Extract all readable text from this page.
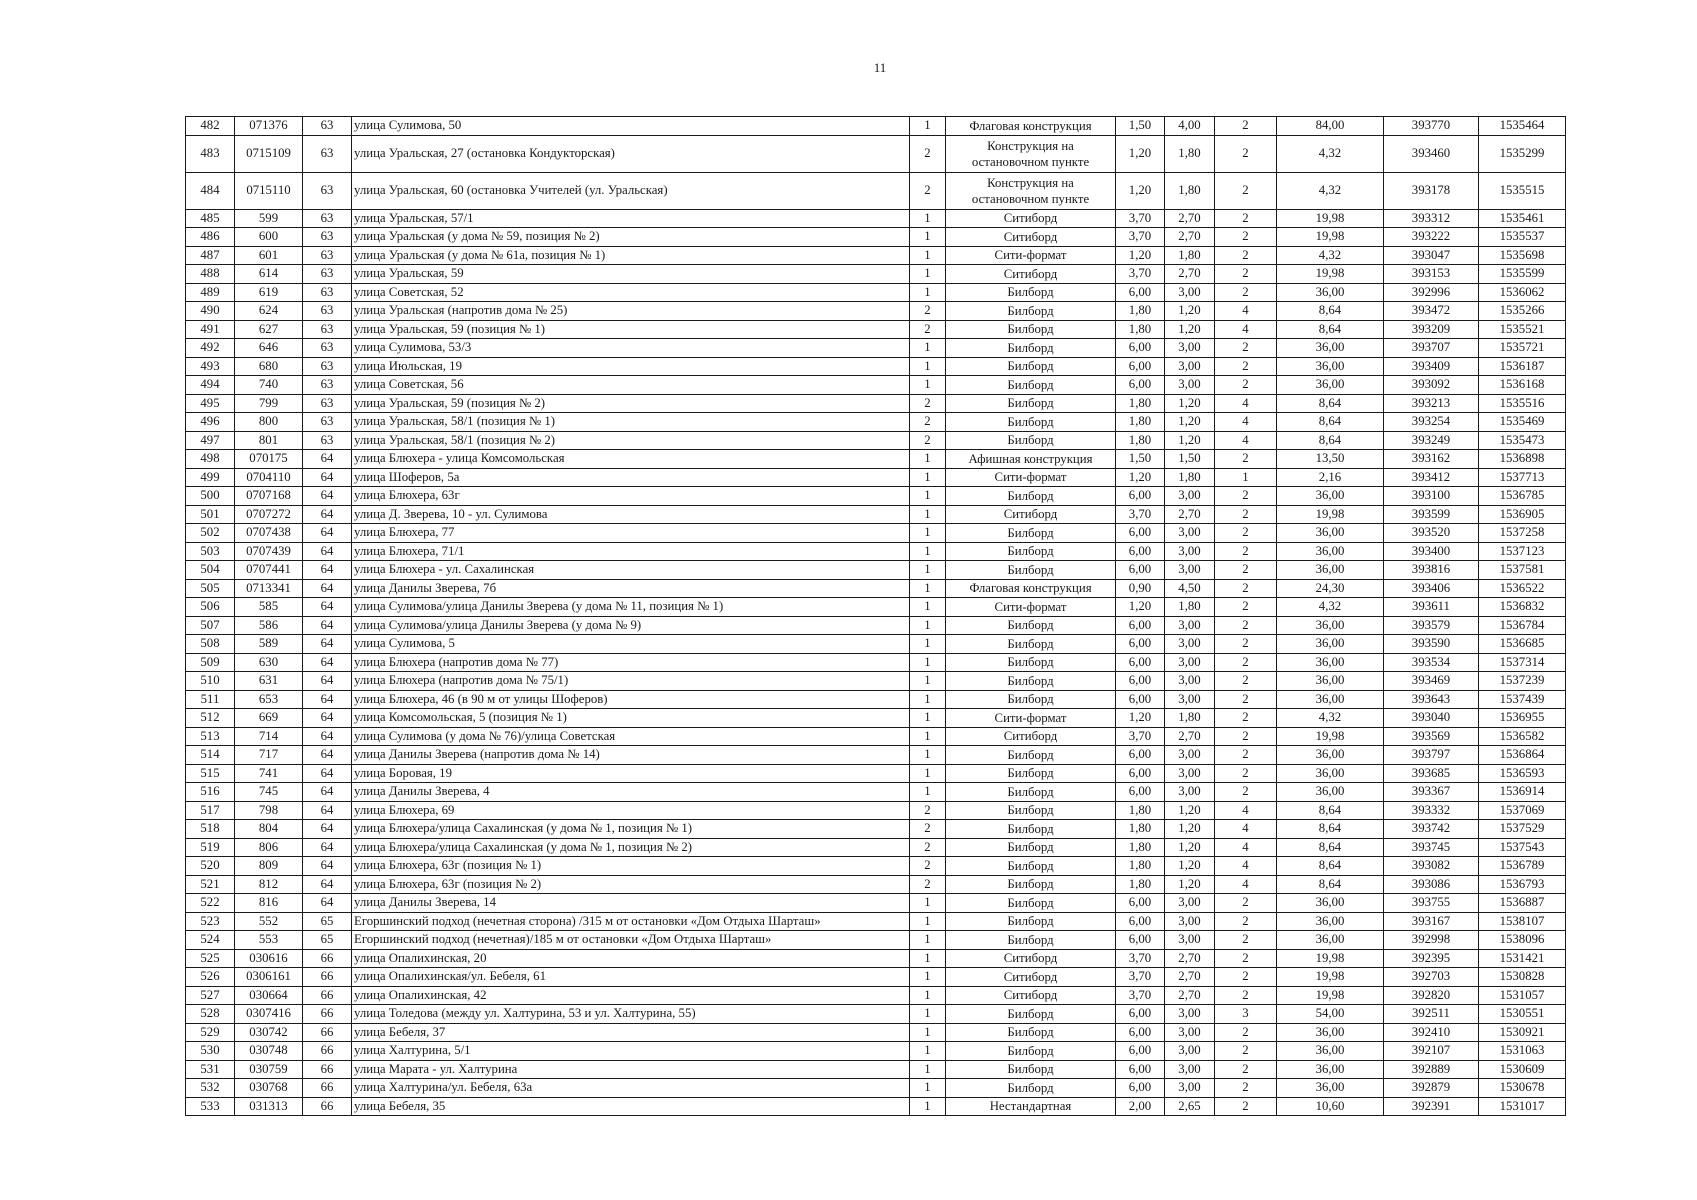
11
482	071376	63	улица Сулимова, 50	1	Флаговая конструкция	1,50	4,00	2	84,00	393770	1535464
483	0715109	63	улица Уральская, 27 (остановка Кондукторская)	2	Конструкция на остановочном пункте	1,20	1,80	2	4,32	393460	1535299
484	0715110	63	улица Уральская, 60 (остановка Учителей (ул. Уральская)	2	Конструкция на остановочном пункте	1,20	1,80	2	4,32	393178	1535515
485	599	63	улица Уральская, 57/1	1	Ситиборд	3,70	2,70	2	19,98	393312	1535461
486	600	63	улица Уральская (у дома № 59, позиция № 2)	1	Ситиборд	3,70	2,70	2	19,98	393222	1535537
487	601	63	улица Уральская (у дома № 61а, позиция № 1)	1	Сити-формат	1,20	1,80	2	4,32	393047	1535698
488	614	63	улица Уральская, 59	1	Ситиборд	3,70	2,70	2	19,98	393153	1535599
489	619	63	улица Советская, 52	1	Билборд	6,00	3,00	2	36,00	392996	1536062
490	624	63	улица Уральская (напротив дома № 25)	2	Билборд	1,80	1,20	4	8,64	393472	1535266
491	627	63	улица Уральская, 59 (позиция № 1)	2	Билборд	1,80	1,20	4	8,64	393209	1535521
492	646	63	улица Сулимова, 53/3	1	Билборд	6,00	3,00	2	36,00	393707	1535721
493	680	63	улица Июльская, 19	1	Билборд	6,00	3,00	2	36,00	393409	1536187
494	740	63	улица Советская, 56	1	Билборд	6,00	3,00	2	36,00	393092	1536168
495	799	63	улица Уральская, 59 (позиция № 2)	2	Билборд	1,80	1,20	4	8,64	393213	1535516
496	800	63	улица Уральская, 58/1 (позиция № 1)	2	Билборд	1,80	1,20	4	8,64	393254	1535469
497	801	63	улица Уральская, 58/1 (позиция № 2)	2	Билборд	1,80	1,20	4	8,64	393249	1535473
498	070175	64	улица Блюхера - улица Комсомольская	1	Афишная конструкция	1,50	1,50	2	13,50	393162	1536898
499	0704110	64	улица Шоферов, 5а	1	Сити-формат	1,20	1,80	1	2,16	393412	1537713
500	0707168	64	улица Блюхера, 63г	1	Билборд	6,00	3,00	2	36,00	393100	1536785
501	0707272	64	улица Д. Зверева, 10 - ул. Сулимова	1	Ситиборд	3,70	2,70	2	19,98	393599	1536905
502	0707438	64	улица Блюхера, 77	1	Билборд	6,00	3,00	2	36,00	393520	1537258
503	0707439	64	улица Блюхера, 71/1	1	Билборд	6,00	3,00	2	36,00	393400	1537123
504	0707441	64	улица Блюхера - ул. Сахалинская	1	Билборд	6,00	3,00	2	36,00	393816	1537581
505	0713341	64	улица Данилы Зверева, 7б	1	Флаговая конструкция	0,90	4,50	2	24,30	393406	1536522
506	585	64	улица Сулимова/улица Данилы Зверева (у дома № 11, позиция № 1)	1	Сити-формат	1,20	1,80	2	4,32	393611	1536832
507	586	64	улица Сулимова/улица Данилы Зверева (у дома № 9)	1	Билборд	6,00	3,00	2	36,00	393579	1536784
508	589	64	улица Сулимова, 5	1	Билборд	6,00	3,00	2	36,00	393590	1536685
509	630	64	улица Блюхера (напротив дома № 77)	1	Билборд	6,00	3,00	2	36,00	393534	1537314
510	631	64	улица Блюхера (напротив дома № 75/1)	1	Билборд	6,00	3,00	2	36,00	393469	1537239
511	653	64	улица Блюхера, 46 (в 90 м от улицы Шоферов)	1	Билборд	6,00	3,00	2	36,00	393643	1537439
512	669	64	улица Комсомольская, 5 (позиция № 1)	1	Сити-формат	1,20	1,80	2	4,32	393040	1536955
513	714	64	улица Сулимова (у дома № 76)/улица Советская	1	Ситиборд	3,70	2,70	2	19,98	393569	1536582
514	717	64	улица Данилы Зверева (напротив дома № 14)	1	Билборд	6,00	3,00	2	36,00	393797	1536864
515	741	64	улица Боровая, 19	1	Билборд	6,00	3,00	2	36,00	393685	1536593
516	745	64	улица Данилы Зверева, 4	1	Билборд	6,00	3,00	2	36,00	393367	1536914
517	798	64	улица Блюхера, 69	2	Билборд	1,80	1,20	4	8,64	393332	1537069
518	804	64	улица Блюхера/улица Сахалинская (у дома № 1, позиция № 1)	2	Билборд	1,80	1,20	4	8,64	393742	1537529
519	806	64	улица Блюхера/улица Сахалинская (у дома № 1, позиция № 2)	2	Билборд	1,80	1,20	4	8,64	393745	1537543
520	809	64	улица Блюхера, 63г (позиция № 1)	2	Билборд	1,80	1,20	4	8,64	393082	1536789
521	812	64	улица Блюхера, 63г (позиция № 2)	2	Билборд	1,80	1,20	4	8,64	393086	1536793
522	816	64	улица Данилы Зверева, 14	1	Билборд	6,00	3,00	2	36,00	393755	1536887
523	552	65	Егоршинский подход (нечетная сторона) /315 м от остановки «Дом Отдыха Шарташ»	1	Билборд	6,00	3,00	2	36,00	393167	1538107
524	553	65	Егоршинский подход (нечетная)/185 м от остановки «Дом Отдыха Шарташ»	1	Билборд	6,00	3,00	2	36,00	392998	1538096
525	030616	66	улица Опалихинская, 20	1	Ситиборд	3,70	2,70	2	19,98	392395	1531421
526	0306161	66	улица Опалихинская/ул. Бебеля, 61	1	Ситиборд	3,70	2,70	2	19,98	392703	1530828
527	030664	66	улица Опалихинская, 42	1	Ситиборд	3,70	2,70	2	19,98	392820	1531057
528	0307416	66	улица Толедова (между ул. Халтурина, 53 и ул. Халтурина, 55)	1	Билборд	6,00	3,00	3	54,00	392511	1530551
529	030742	66	улица Бебеля, 37	1	Билборд	6,00	3,00	2	36,00	392410	1530921
530	030748	66	улица Халтурина, 5/1	1	Билборд	6,00	3,00	2	36,00	392107	1531063
531	030759	66	улица Марата - ул. Халтурина	1	Билборд	6,00	3,00	2	36,00	392889	1530609
532	030768	66	улица Халтурина/ул. Бебеля, 63а	1	Билборд	6,00	3,00	2	36,00	392879	1530678
533	031313	66	улица Бебеля, 35	1	Нестандартная	2,00	2,65	2	10,60	392391	1531017
